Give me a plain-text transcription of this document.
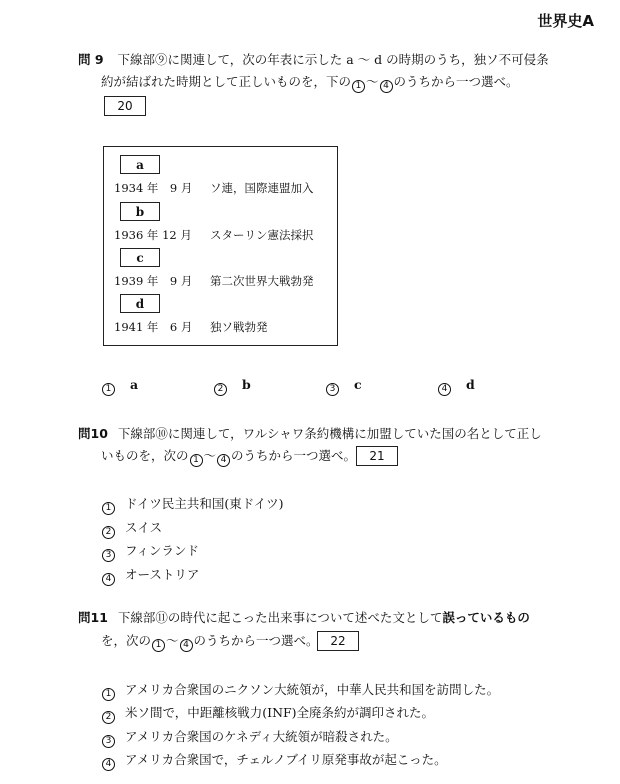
世界史A
問 9 下線部⑨に関連して，次の年表に示した a ～ d の時期のうち，独ソ不可侵条
約が結ばれた時期として正しいものを，下の 1 ～ 4 のうちから一つ選べ。
20
a
1934 年　9 月 ソ連，国際連盟加入
b
1936 年 12 月 スターリン憲法採択
c
1939 年　9 月 第二次世界大戦勃発
d
1941 年　6 月 独ソ戦勃発
1 a	2 b	3 c	4 d
問10 下線部⑩に関連して，ワルシャワ条約機構に加盟していた国の名として正し
いものを，次の 1 ～ 4 のうちから一つ選べ。	21
1 ドイツ民主共和国(東ドイツ)
2 スイス
3 フィンランド
4 オーストリア
問11 下線部⑪の時代に起こった出来事について述べた文として誤っているもの
を，次の 1 ～ 4 のうちから一つ選べ。 22
1 アメリカ合衆国のニクソン大統領が，中華人民共和国を訪問した。
2 米ソ間で，中距離核戦力(INF)全廃条約が調印された。
3 アメリカ合衆国のケネディ大統領が暗殺された。
4 アメリカ合衆国で，チェルノブイリ原発事故が起こった。
